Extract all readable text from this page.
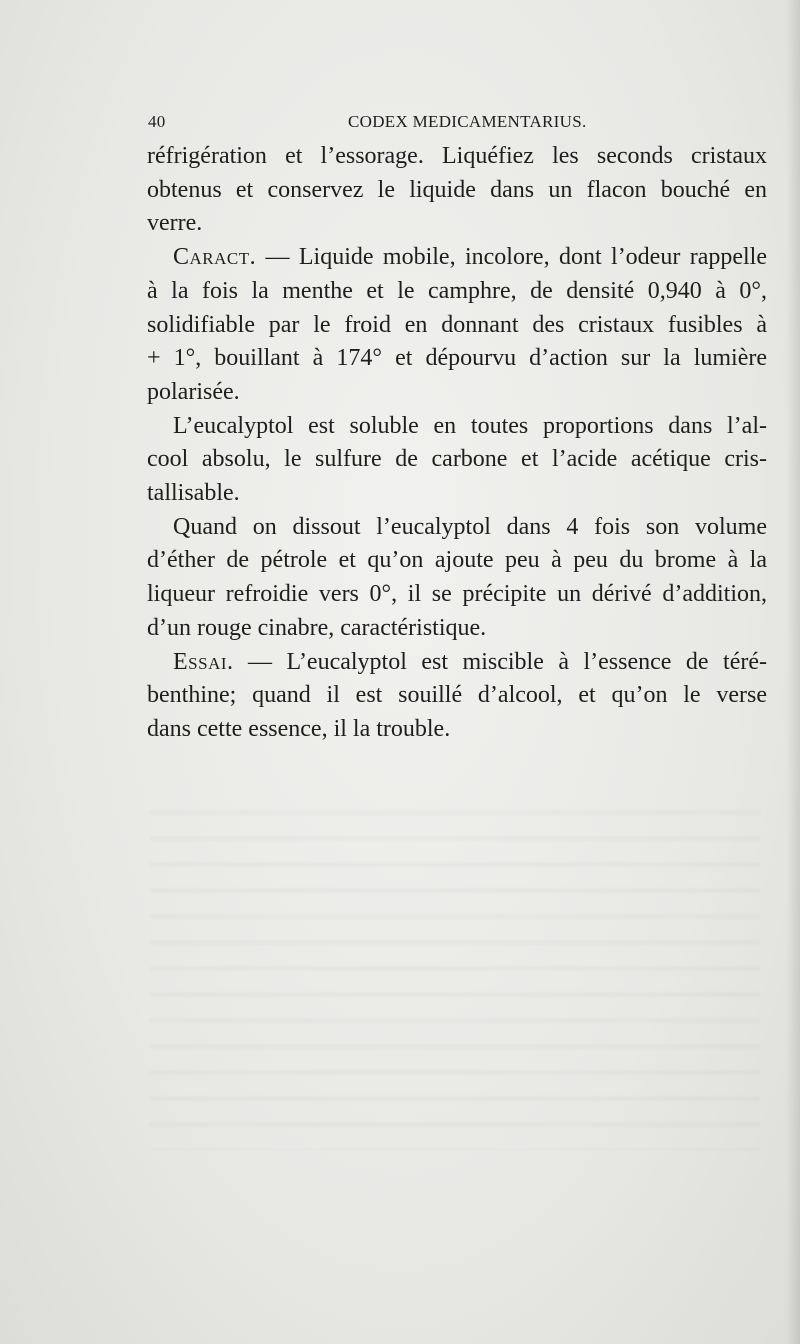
40	CODEX MEDICAMENTARIUS.
réfrigération et l’essorage. Liquéfiez les seconds cristaux
obtenus et conservez le liquide dans un flacon bouché en
verre.
Caract. — Liquide mobile, incolore, dont l’odeur rappelle
à la fois la menthe et le camphre, de densité 0,940 à 0°,
solidifiable par le froid en donnant des cristaux fusibles à
+ 1°, bouillant à 174° et dépourvu d’action sur la lumière
polarisée.
L’eucalyptol est soluble en toutes proportions dans l’al-
cool absolu, le sulfure de carbone et l’acide acétique cris-
tallisable.
Quand on dissout l’eucalyptol dans 4 fois son volume
d’éther de pétrole et qu’on ajoute peu à peu du brome à la
liqueur refroidie vers 0°, il se précipite un dérivé d’addition,
d’un rouge cinabre, caractéristique.
Essai. — L’eucalyptol est miscible à l’essence de téré-
benthine; quand il est souillé d’alcool, et qu’on le verse
dans cette essence, il la trouble.
